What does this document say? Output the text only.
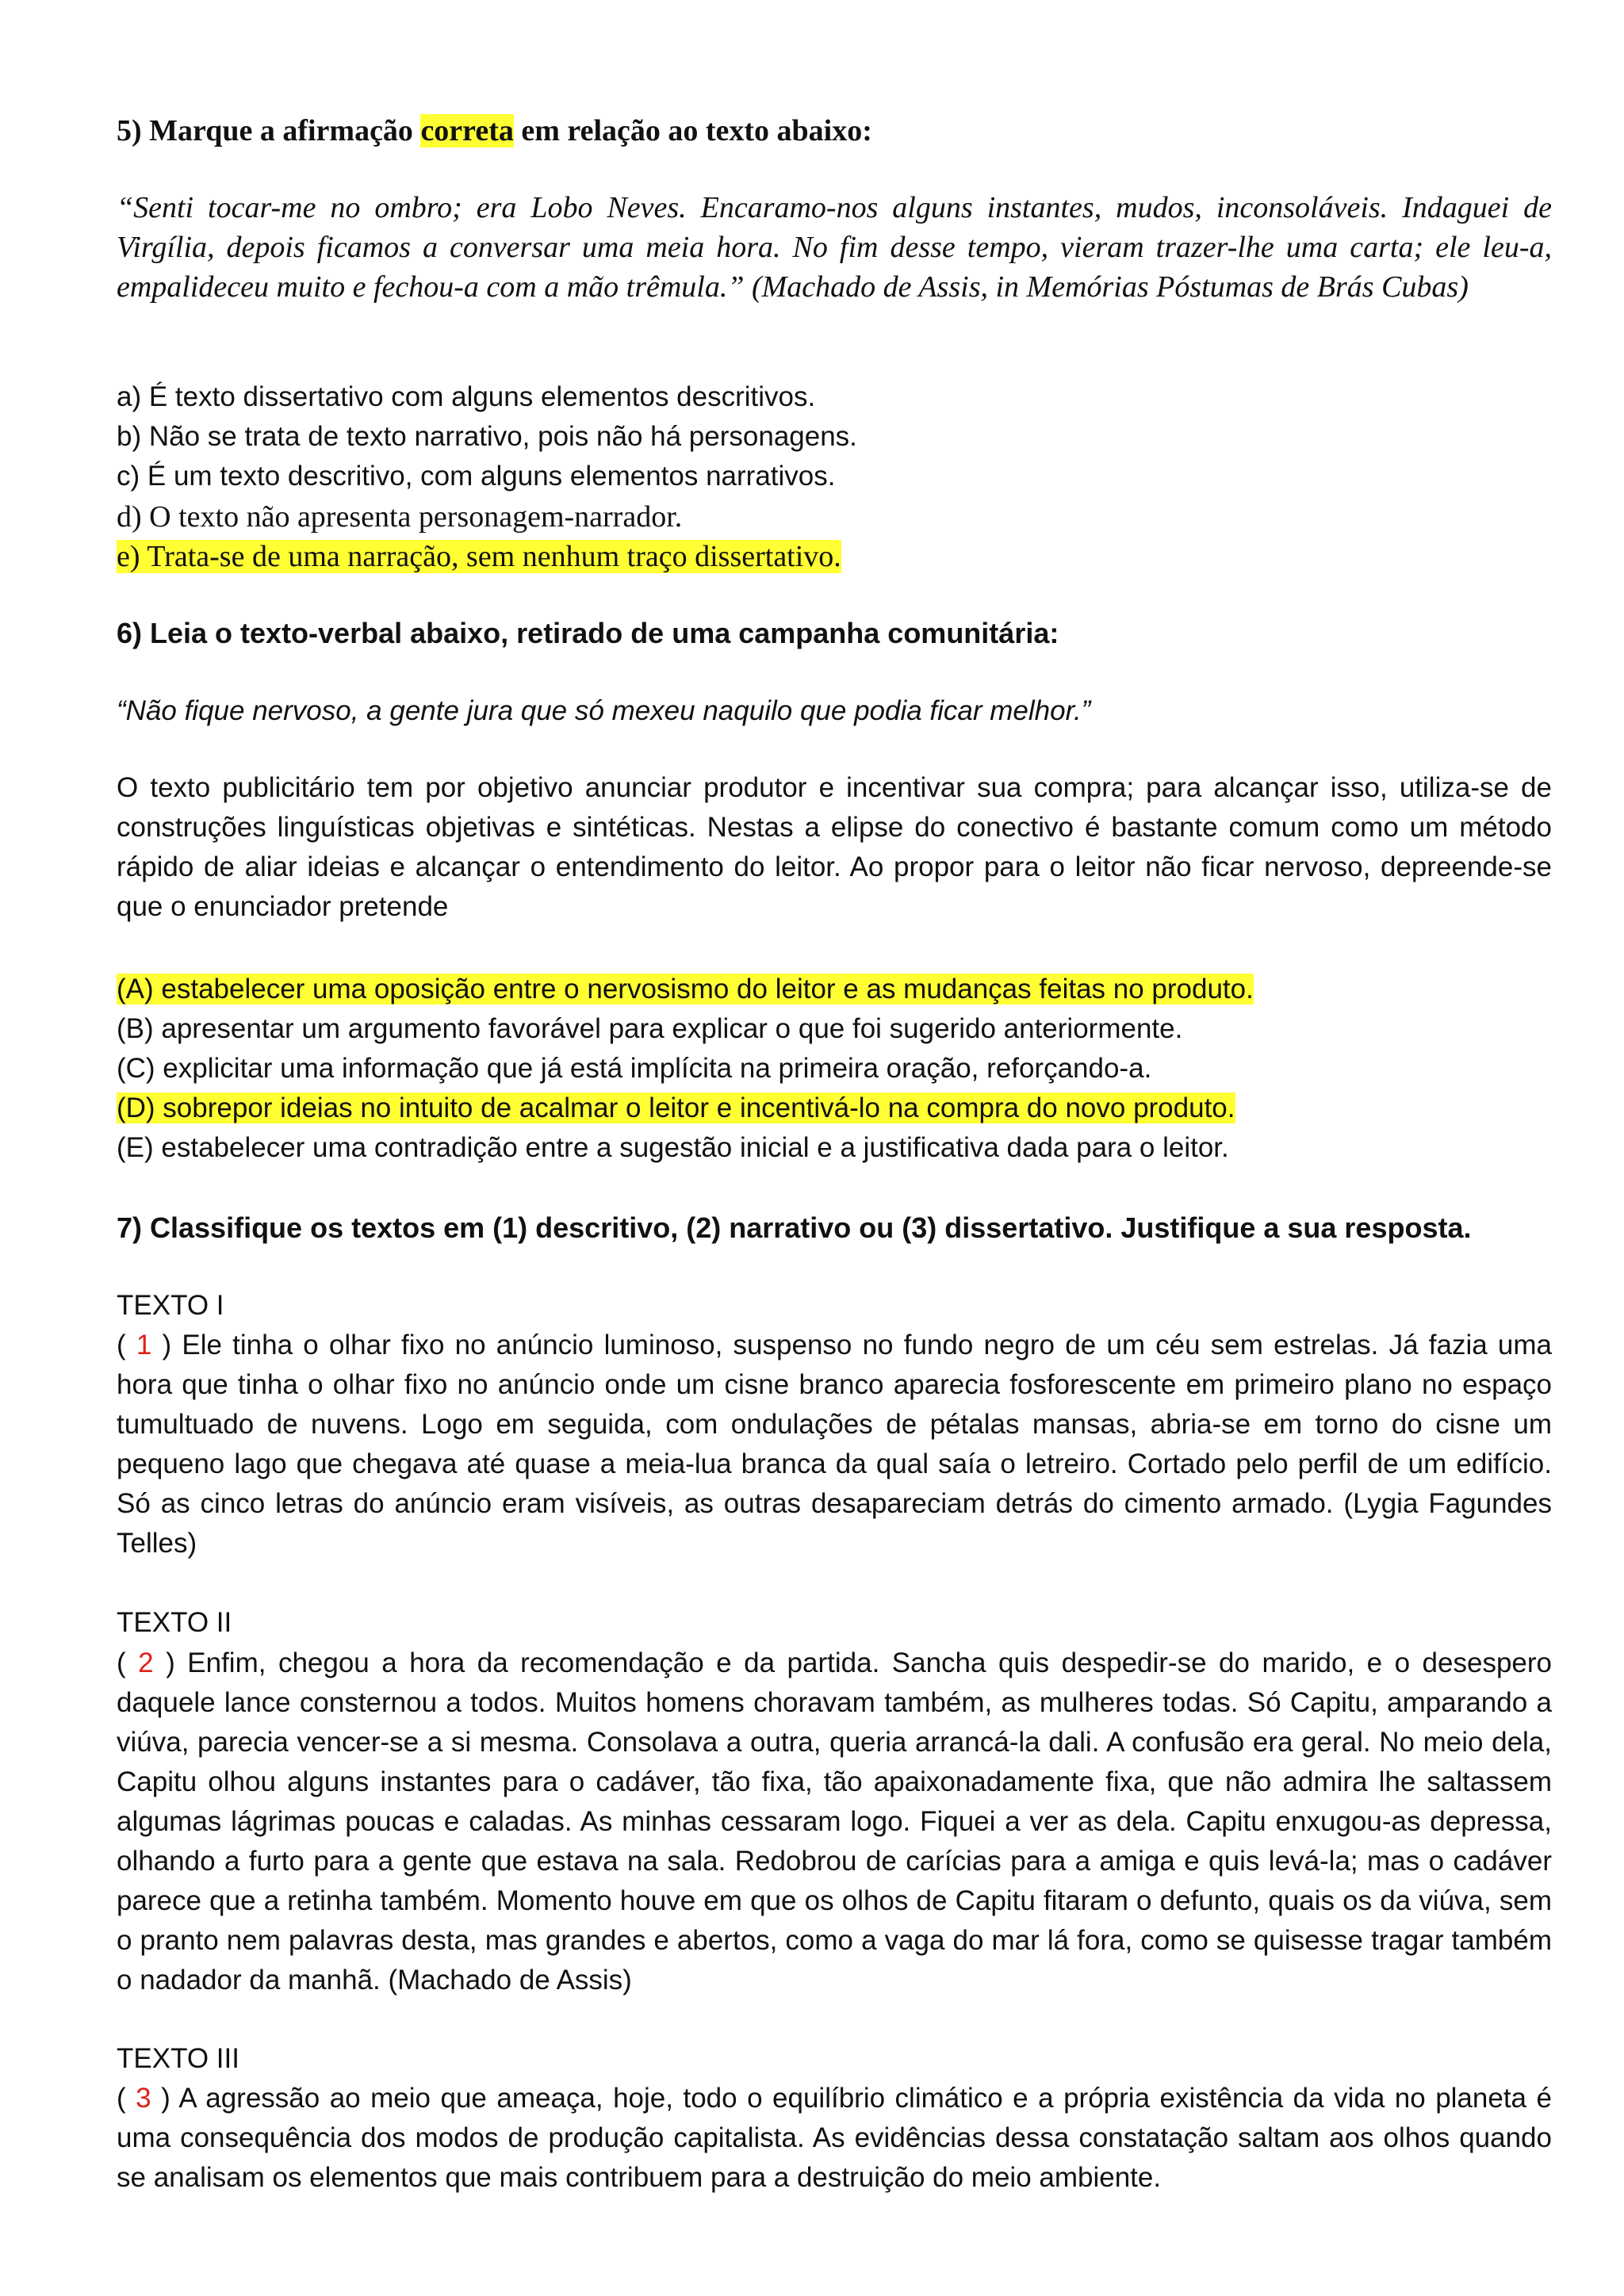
5) Marque a afirmação correta em relação ao texto abaixo:

“Senti tocar-me no ombro; era Lobo Neves. Encaramo-nos alguns instantes, mudos, inconsoláveis. Indaguei de Virgília, depois ficamos a conversar uma meia hora. No fim desse tempo, vieram trazer-lhe uma carta; ele leu-a, empalideceu muito e fechou-a com a mão trêmula.” (Machado de Assis, in Memórias Póstumas de Brás Cubas)

a) É texto dissertativo com alguns elementos descritivos.
b) Não se trata de texto narrativo, pois não há personagens.
c) É um texto descritivo, com alguns elementos narrativos.
d) O texto não apresenta personagem-narrador.
e) Trata-se de uma narração, sem nenhum traço dissertativo.
6) Leia o texto-verbal abaixo, retirado de uma campanha comunitária:
“Não fique nervoso, a gente jura que só mexeu naquilo que podia ficar melhor.”

O texto publicitário tem por objetivo anunciar produtor e incentivar sua compra; para alcançar isso, utiliza-se de construções linguísticas objetivas e sintéticas. Nestas a elipse do conectivo é bastante comum como um método rápido de aliar ideias e alcançar o entendimento do leitor. Ao propor para o leitor não ficar nervoso, depreende-se que o enunciador pretende

(A) estabelecer uma oposição entre o nervosismo do leitor e as mudanças feitas no produto.
(B) apresentar um argumento favorável para explicar o que foi sugerido anteriormente.
(C) explicitar uma informação que já está implícita na primeira oração, reforçando-a.
(D) sobrepor ideias no intuito de acalmar o leitor e incentivá-lo na compra do novo produto.
(E) estabelecer uma contradição entre a sugestão inicial e a justificativa dada para o leitor.
7) Classifique os textos em (1) descritivo, (2) narrativo ou (3) dissertativo. Justifique a sua resposta.
TEXTO I

( 1 ) Ele tinha o olhar fixo no anúncio luminoso, suspenso no fundo negro de um céu sem estrelas. Já fazia uma hora que tinha o olhar fixo no anúncio onde um cisne branco aparecia fosforescente em primeiro plano no espaço tumultuado de nuvens. Logo em seguida, com ondulações de pétalas mansas, abria-se em torno do cisne um pequeno lago que chegava até quase a meia-lua branca da qual saía o letreiro. Cortado pelo perfil de um edifício. Só as cinco letras do anúncio eram visíveis, as outras desapareciam detrás do cimento armado. (Lygia Fagundes Telles)

TEXTO II

( 2 ) Enfim, chegou a hora da recomendação e da partida. Sancha quis despedir-se do marido, e o desespero daquele lance consternou a todos. Muitos homens choravam também, as mulheres todas. Só Capitu, amparando a viúva, parecia vencer-se a si mesma. Consolava a outra, queria arrancá-la dali. A confusão era geral. No meio dela, Capitu olhou alguns instantes para o cadáver, tão fixa, tão apaixonadamente fixa, que não admira lhe saltassem algumas lágrimas poucas e caladas. As minhas cessaram logo. Fiquei a ver as dela. Capitu enxugou-as depressa, olhando a furto para a gente que estava na sala. Redobrou de carícias para a amiga e quis levá-la; mas o cadáver parece que a retinha também. Momento houve em que os olhos de Capitu fitaram o defunto, quais os da viúva, sem o pranto nem palavras desta, mas grandes e abertos, como a vaga do mar lá fora, como se quisesse tragar também o nadador da manhã. (Machado de Assis)

TEXTO III

( 3 ) A agressão ao meio que ameaça, hoje, todo o equilíbrio climático e a própria existência da vida no planeta é uma consequência dos modos de produção capitalista. As evidências dessa constatação saltam aos olhos quando se analisam os elementos que mais contribuem para a destruição do meio ambiente.
